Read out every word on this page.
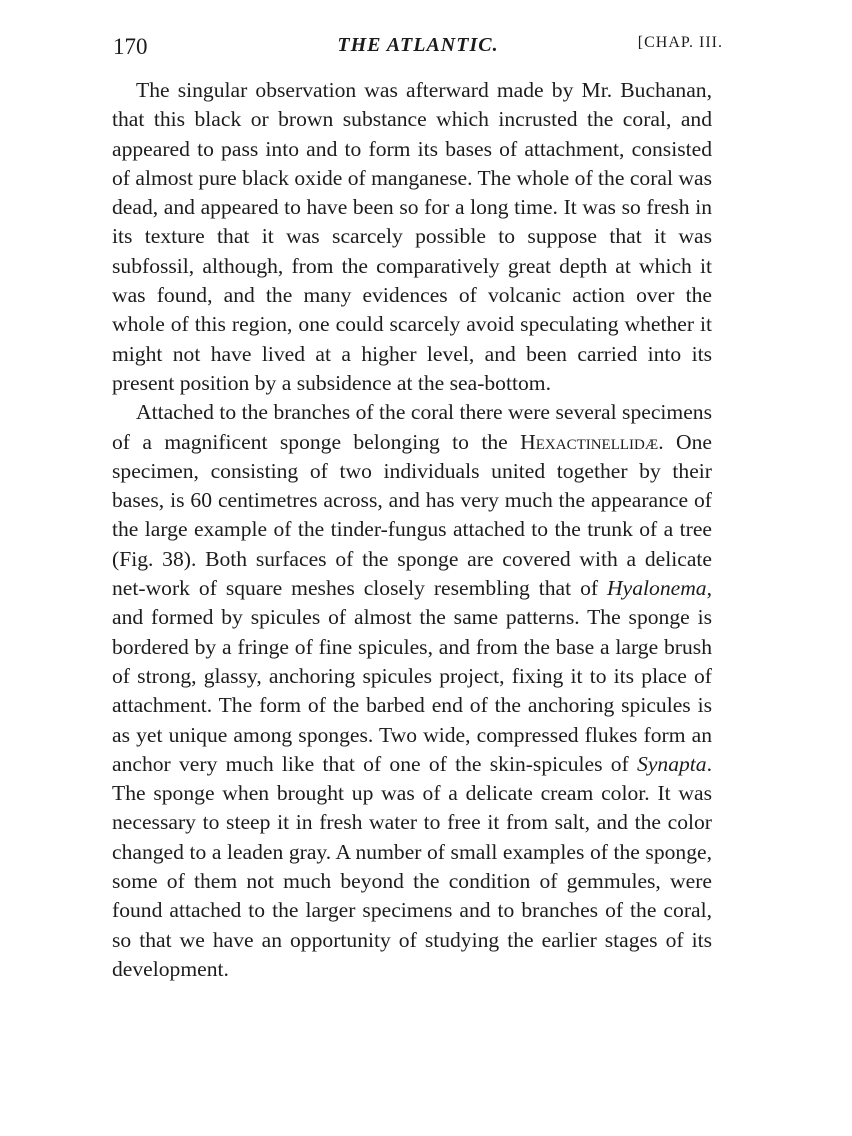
170	THE ATLANTIC.	[CHAP. III.

The singular observation was afterward made by Mr. Buchanan, that this black or brown substance which incrusted the coral, and appeared to pass into and to form its bases of attachment, consisted of almost pure black oxide of manganese. The whole of the coral was dead, and appeared to have been so for a long time. It was so fresh in its texture that it was scarcely possible to suppose that it was subfossil, although, from the comparatively great depth at which it was found, and the many evidences of volcanic action over the whole of this region, one could scarcely avoid speculating whether it might not have lived at a higher level, and been carried into its present position by a subsidence at the sea-bottom.

Attached to the branches of the coral there were several specimens of a magnificent sponge belonging to the Hexactinellidæ. One specimen, consisting of two individuals united together by their bases, is 60 centimetres across, and has very much the appearance of the large example of the tinder-fungus attached to the trunk of a tree (Fig. 38). Both surfaces of the sponge are covered with a delicate net-work of square meshes closely resembling that of Hyalonema, and formed by spicules of almost the same patterns. The sponge is bordered by a fringe of fine spicules, and from the base a large brush of strong, glassy, anchoring spicules project, fixing it to its place of attachment. The form of the barbed end of the anchoring spicules is as yet unique among sponges. Two wide, compressed flukes form an anchor very much like that of one of the skin-spicules of Synapta. The sponge when brought up was of a delicate cream color. It was necessary to steep it in fresh water to free it from salt, and the color changed to a leaden gray. A number of small examples of the sponge, some of them not much beyond the condition of gemmules, were found attached to the larger specimens and to branches of the coral, so that we have an opportunity of studying the earlier stages of its development.
